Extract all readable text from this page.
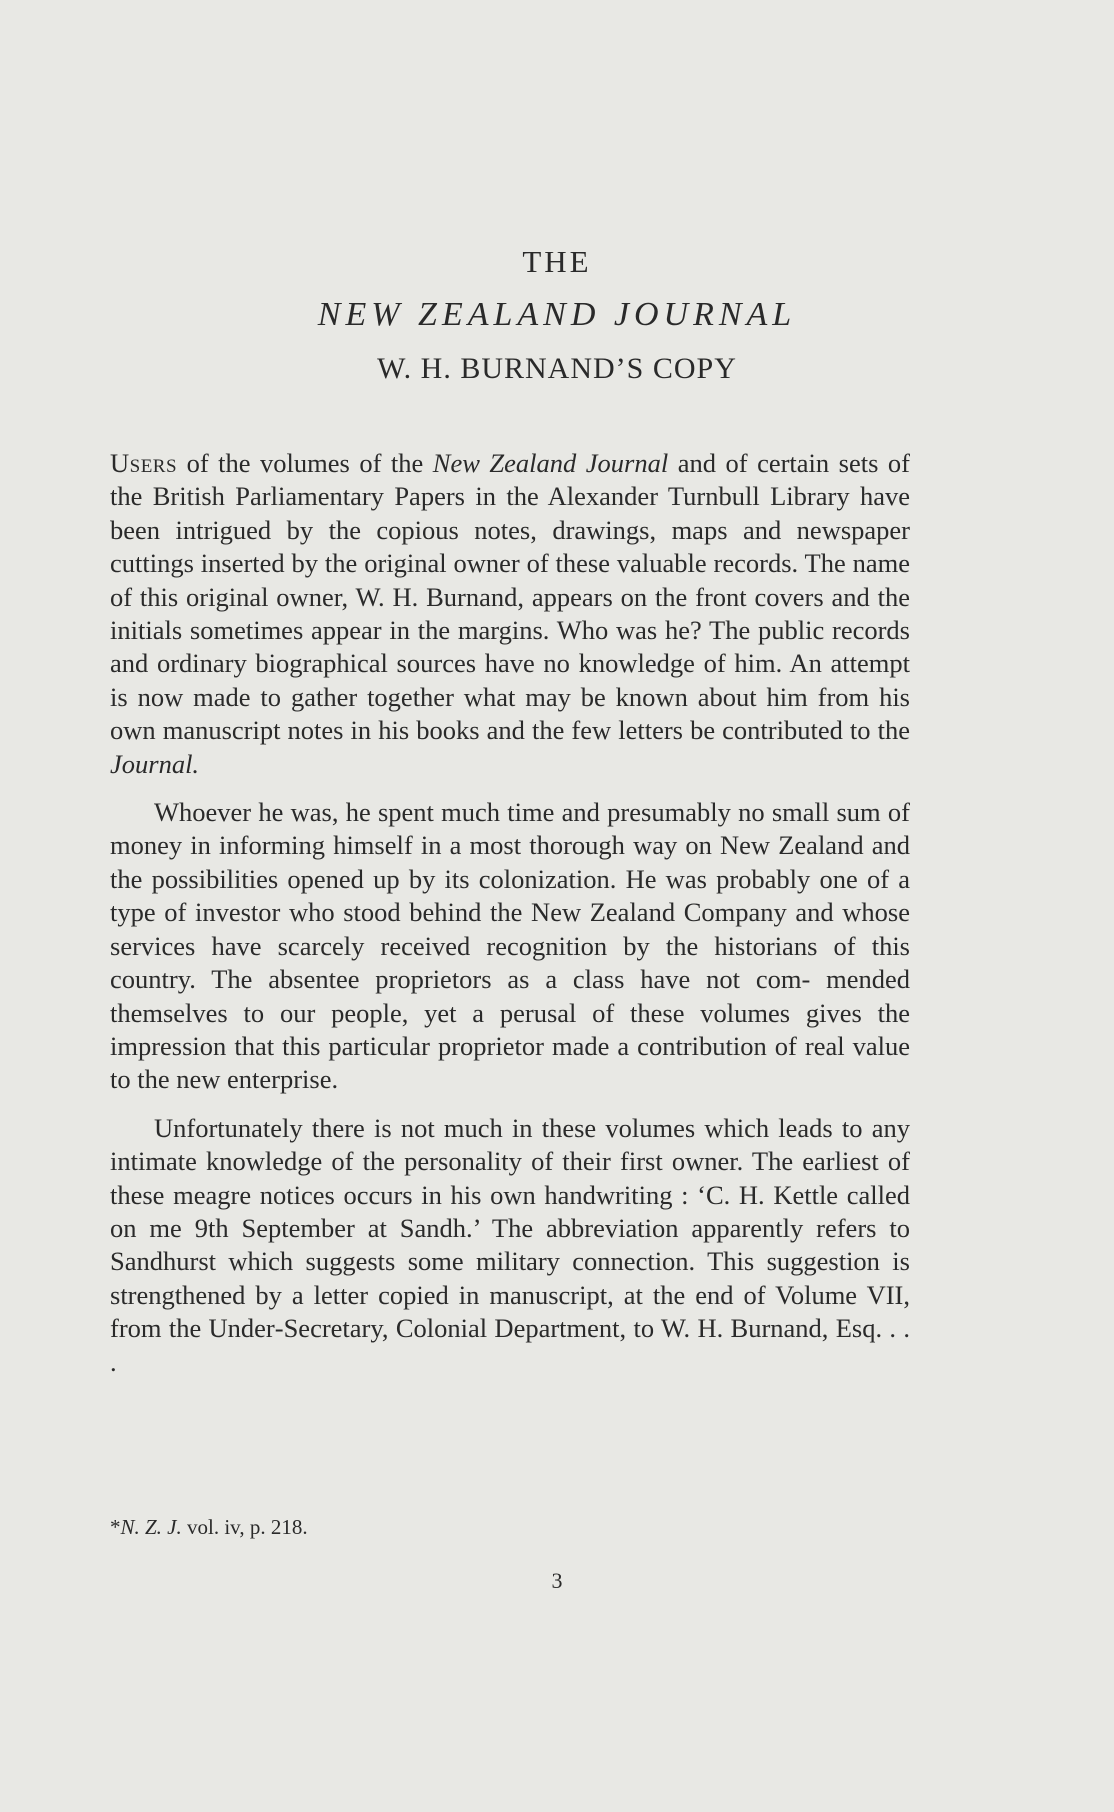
THE
NEW ZEALAND JOURNAL
W. H. BURNAND’S COPY

Users of the volumes of the New Zealand Journal and of certain sets of the British Parliamentary Papers in the Alexander Turnbull Library have been intrigued by the copious notes, drawings, maps and newspaper cuttings inserted by the original owner of these valuable records. The name of this original owner, W. H. Burnand, appears on the front covers and the initials sometimes appear in the margins. Who was he? The public records and ordinary biographical sources have no knowledge of him. An attempt is now made to gather together what may be known about him from his own manuscript notes in his books and the few letters be contributed to the Journal.

Whoever he was, he spent much time and presumably no small sum of money in informing himself in a most thorough way on New Zealand and the possibilities opened up by its colonization. He was probably one of a type of investor who stood behind the New Zealand Company and whose services have scarcely received recognition by the historians of this country. The absentee proprietors as a class have not com‑ mended themselves to our people, yet a perusal of these volumes gives the impression that this particular proprietor made a contribution of real value to the new enterprise.

Unfortunately there is not much in these volumes which leads to any intimate knowledge of the personality of their first owner. The earliest of these meagre notices occurs in his own handwriting : ‘C. H. Kettle called on me 9th September at Sandh.’ The abbreviation apparently refers to Sandhurst which suggests some military connection. This suggestion is strengthened by a letter copied in manuscript, at the end of Volume VII, from the Under‑Secretary, Colonial Department, to W. H. Burnand, Esq. . . .

*N. Z. J. vol. iv, p. 218.

3
